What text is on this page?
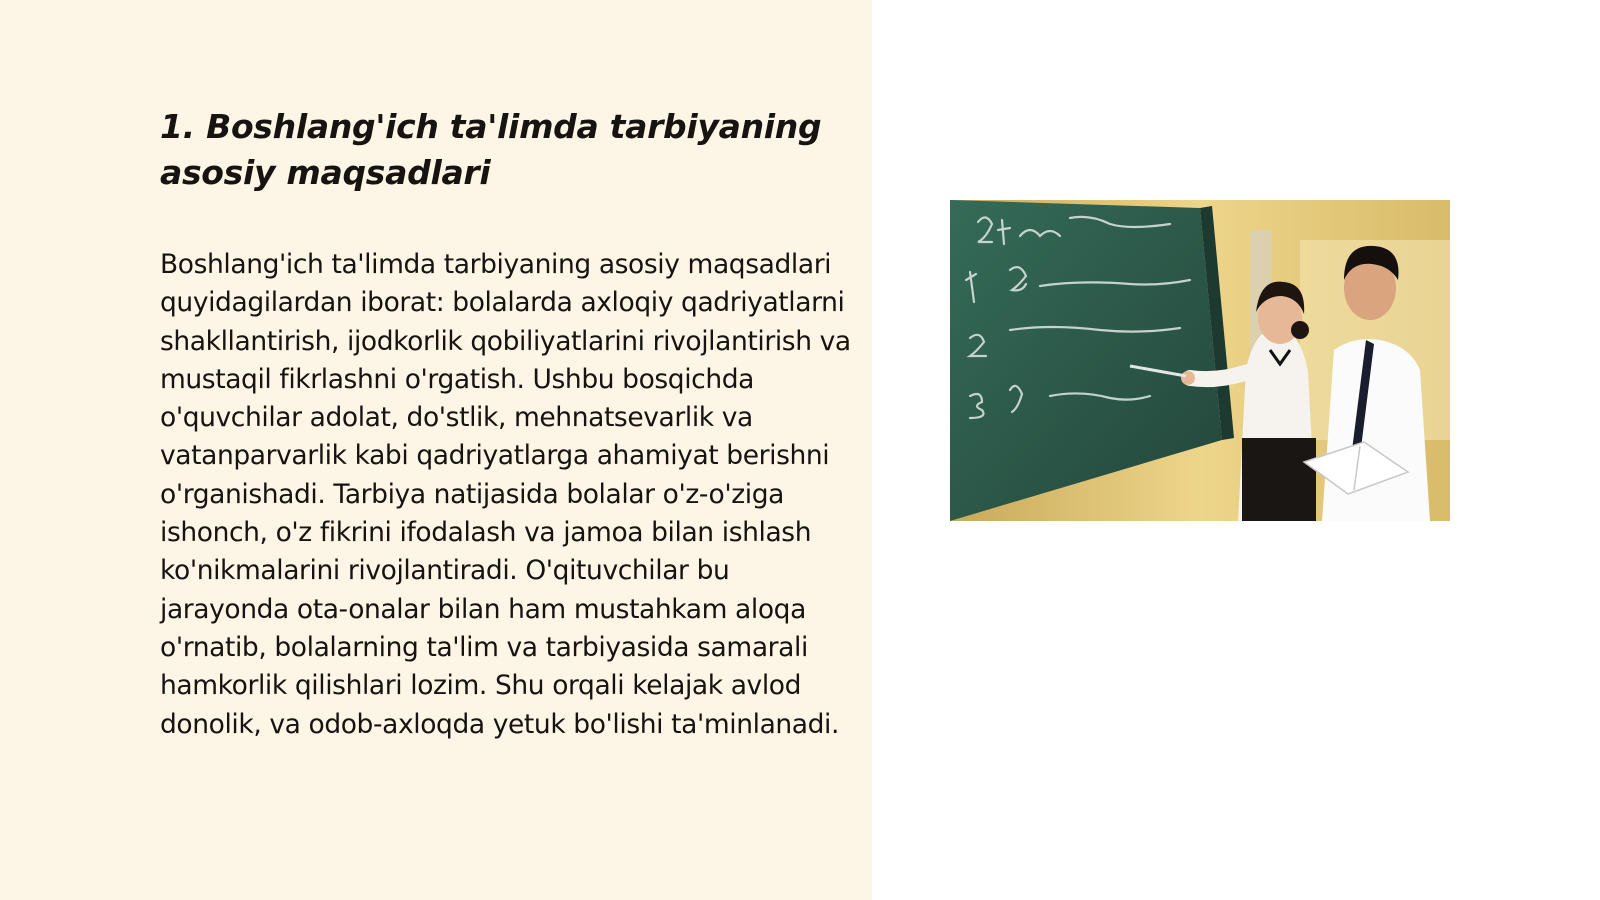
1. Boshlang'ich ta'limda tarbiyaning asosiy maqsadlari

Boshlang'ich ta'limda tarbiyaning asosiy maqsadlari quyidagilardan iborat: bolalarda axloqiy qadriyatlarni shakllantirish, ijodkorlik qobiliyatlarini rivojlantirish va mustaqil fikrlashni o'rgatish. Ushbu bosqichda o'quvchilar adolat, do'stlik, mehnatsevarlik va vatanparvarlik kabi qadriyatlarga ahamiyat berishni o'rganishadi. Tarbiya natijasida bolalar o'z-o'ziga ishonch, o'z fikrini ifodalash va jamoa bilan ishlash ko'nikmalarini rivojlantiradi. O'qituvchilar bu jarayonda ota-onalar bilan ham mustahkam aloqa o'rnatib, bolalarning ta'lim va tarbiyasida samarali hamkorlik qilishlari lozim. Shu orqali kelajak avlod donolik, va odob-axloqda yetuk bo'lishi ta'minlanadi.
